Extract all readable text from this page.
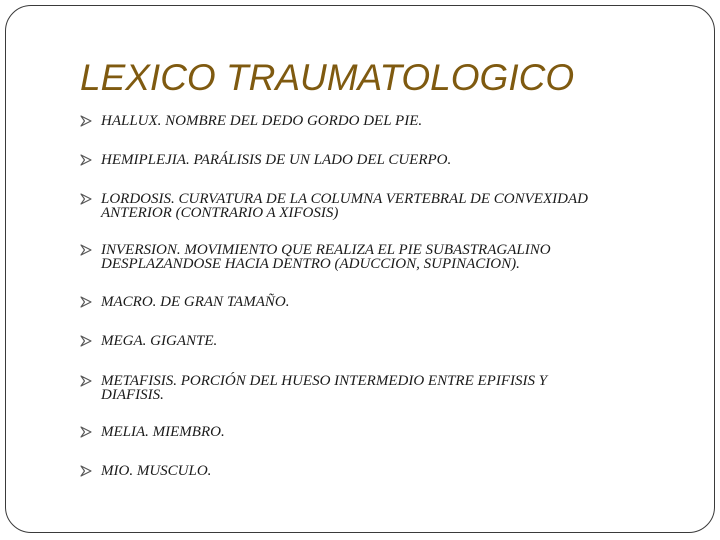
LEXICO TRAUMATOLOGICO
HALLUX. NOMBRE DEL DEDO GORDO DEL PIE.
HEMIPLEJIA. PARÁLISIS DE UN LADO DEL CUERPO.
LORDOSIS. CURVATURA DE LA COLUMNA VERTEBRAL DE CONVEXIDAD
ANTERIOR (CONTRARIO A XIFOSIS)
INVERSION. MOVIMIENTO QUE REALIZA EL PIE SUBASTRAGALINO
DESPLAZANDOSE HACIA DENTRO (ADUCCION, SUPINACION).
MACRO. DE GRAN TAMAÑO.
MEGA. GIGANTE.
METAFISIS. PORCIÓN DEL HUESO INTERMEDIO ENTRE EPIFISIS Y
DIAFISIS.
MELIA. MIEMBRO.
MIO. MUSCULO.
